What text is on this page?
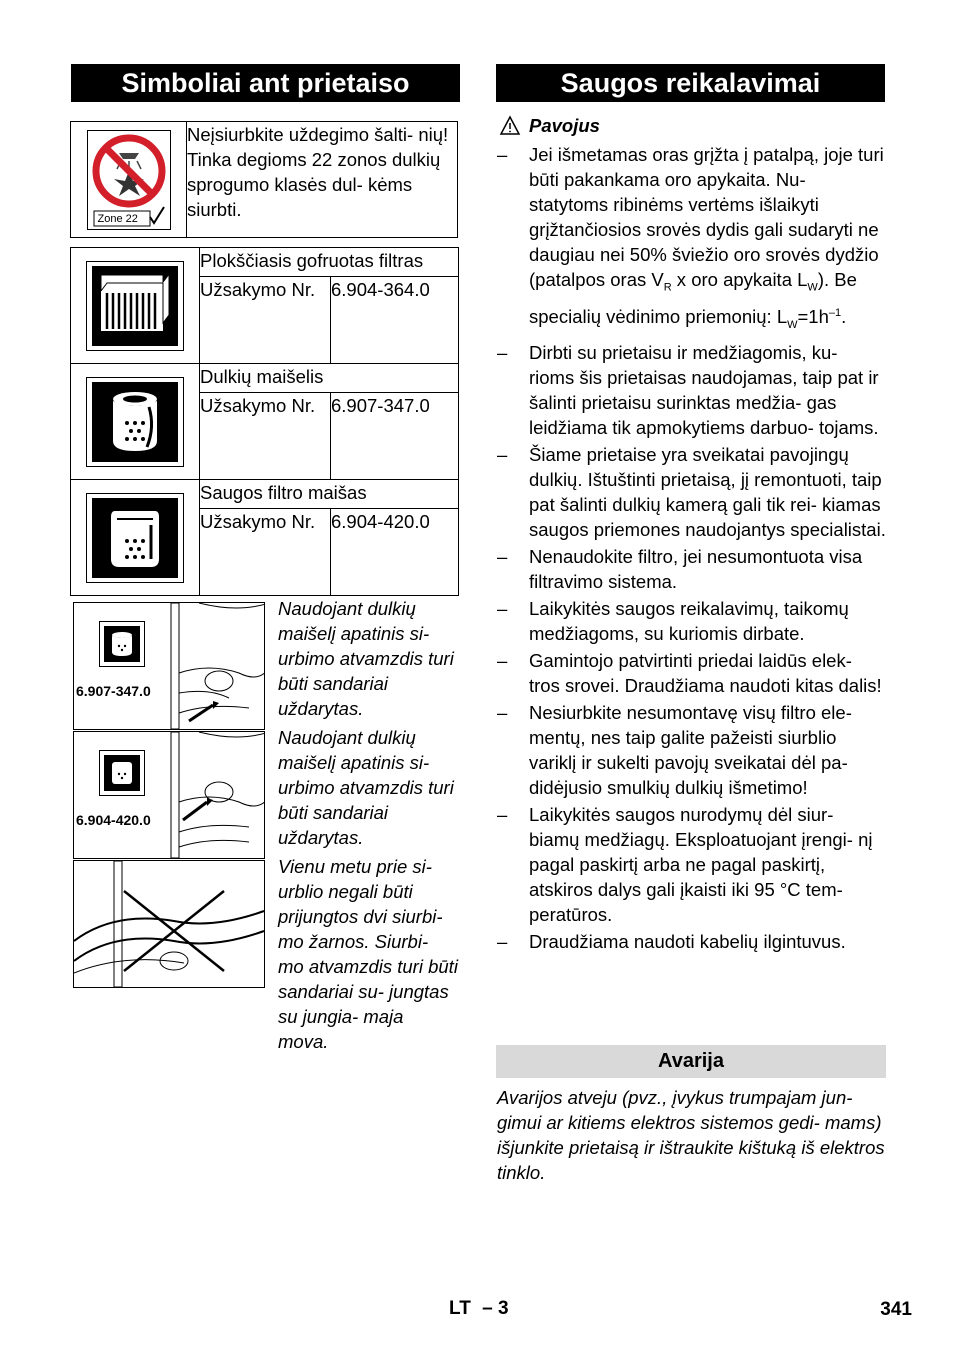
Simboliai ant prietaiso	Saugos reikalavimai
Zone 22
	Neįsiurbkite uždegimo šalti- nių! Tinka degioms 22 zonos dulkių sprogumo klasės dul- kėms siurbti.
	Plokščiasis gofruotas filtras	
	Užsakymo Nr.	6.904-364.0

	Dulkių maišelis	
	Užsakymo Nr.	6.907-347.0

	Saugos filtro maišas	
	Užsakymo Nr.	6.904-420.0
6.907-347.0
Naudojant dulkių maišelį apatinis si- urbimo atvamzdis turi būti sandariai uždarytas.
6.904-420.0
Naudojant dulkių maišelį apatinis si- urbimo atvamzdis turi būti sandariai uždarytas.
Vienu metu prie si- urblio negali būti prijungtos dvi siurbi- mo žarnos. Siurbi- mo atvamzdis turi būti sandariai su- jungtas su jungia- maja mova.
Pavojus
–	Jei išmetamas oras grįžta į patalpą, joje turi būti pakankama oro apykaita. Nu- statytoms ribinėms vertėms išlaikyti grįžtančiosios srovės dydis gali sudaryti ne daugiau nei 50% šviežio oro srovės dydžio (patalpos oras $V_R$ x oro apykaita $L_W$). Be specialių vėdinimo priemonių: $L_W=1h^{-1}$.
–	Dirbti su prietaisu ir medžiagomis, ku- rioms šis prietaisas naudojamas, taip pat ir šalinti prietaisu surinktas medžia- gas leidžiama tik apmokytiems darbuo- tojams.
–	Šiame prietaise yra sveikatai pavojingų dulkių. Ištuštinti prietaisą, jį remontuoti, taip pat šalinti dulkių kamerą gali tik rei- kiamas saugos priemones naudojantys specialistai.
–	Nenaudokite filtro, jei nesumontuota visa filtravimo sistema.
–	Laikykitės saugos reikalavimų, taikomų medžiagoms, su kuriomis dirbate.
–	Gamintojo patvirtinti priedai laidūs elek- tros srovei. Draudžiama naudoti kitas dalis!
–	Nesiurbkite nesumontavę visų filtro ele- mentų, nes taip galite pažeisti siurblio variklį ir sukelti pavojų sveikatai dėl pa- didėjusio smulkių dulkių išmetimo!
–	Laikykitės saugos nurodymų dėl siur- biamų medžiagų. Eksploatuojant įrengi- nį pagal paskirtį arba ne pagal paskirtį, atskiros dalys gali įkaisti iki 95 °C tem- peratūros.
–	Draudžiama naudoti kabelių ilgintuvus.
Avarija
Avarijos atveju (pvz., įvykus trumpajam jun- gimui ar kitiems elektros sistemos gedi- mams) išjunkite prietaisą ir ištraukite kištuką iš elektros tinklo.
LT – 3	341
